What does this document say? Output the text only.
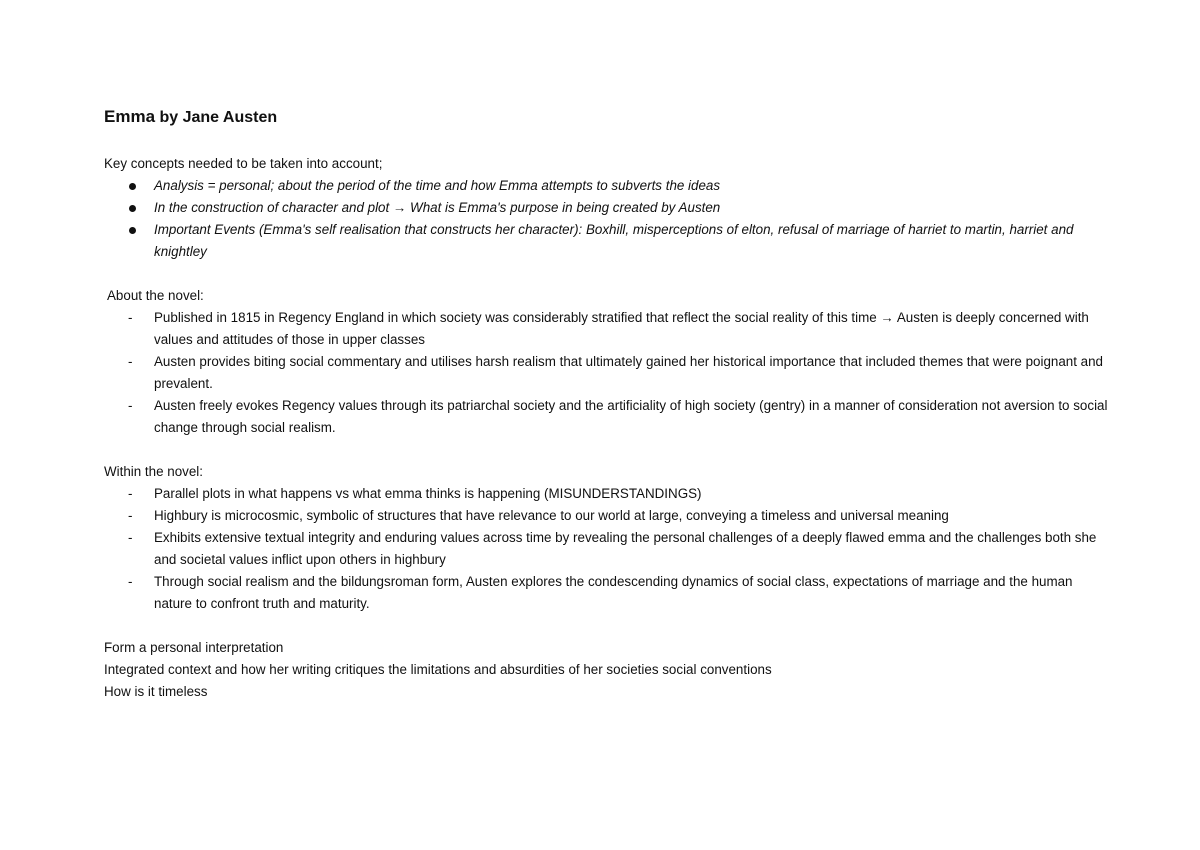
Emma by Jane Austen
Key concepts needed to be taken into account;
Analysis = personal; about the period of the time and how Emma attempts to subverts the ideas
In the construction of character and plot → What is Emma's purpose in being created by Austen
Important Events (Emma's self realisation that constructs her character): Boxhill, misperceptions of elton, refusal of marriage of harriet to martin, harriet and knightley
About the novel:
- Published in 1815 in Regency England in which society was considerably stratified that reflect the social reality of this time → Austen is deeply concerned with values and attitudes of those in upper classes
- Austen provides biting social commentary and utilises harsh realism that ultimately gained her historical importance that included themes that were poignant and prevalent.
- Austen freely evokes Regency values through its patriarchal society and the artificiality of high society (gentry) in a manner of consideration not aversion to social change through social realism.
Within the novel:
- Parallel plots in what happens vs what emma thinks is happening (MISUNDERSTANDINGS)
- Highbury is microcosmic, symbolic of structures that have relevance to our world at large, conveying a timeless and universal meaning
- Exhibits extensive textual integrity and enduring values across time by revealing the personal challenges of a deeply flawed emma and the challenges both she and societal values inflict upon others in highbury
- Through social realism and the bildungsroman form, Austen explores the condescending dynamics of social class, expectations of marriage and the human nature to confront truth and maturity.
Form a personal interpretation
Integrated context and how her writing critiques the limitations and absurdities of her societies social conventions
How is it timeless
